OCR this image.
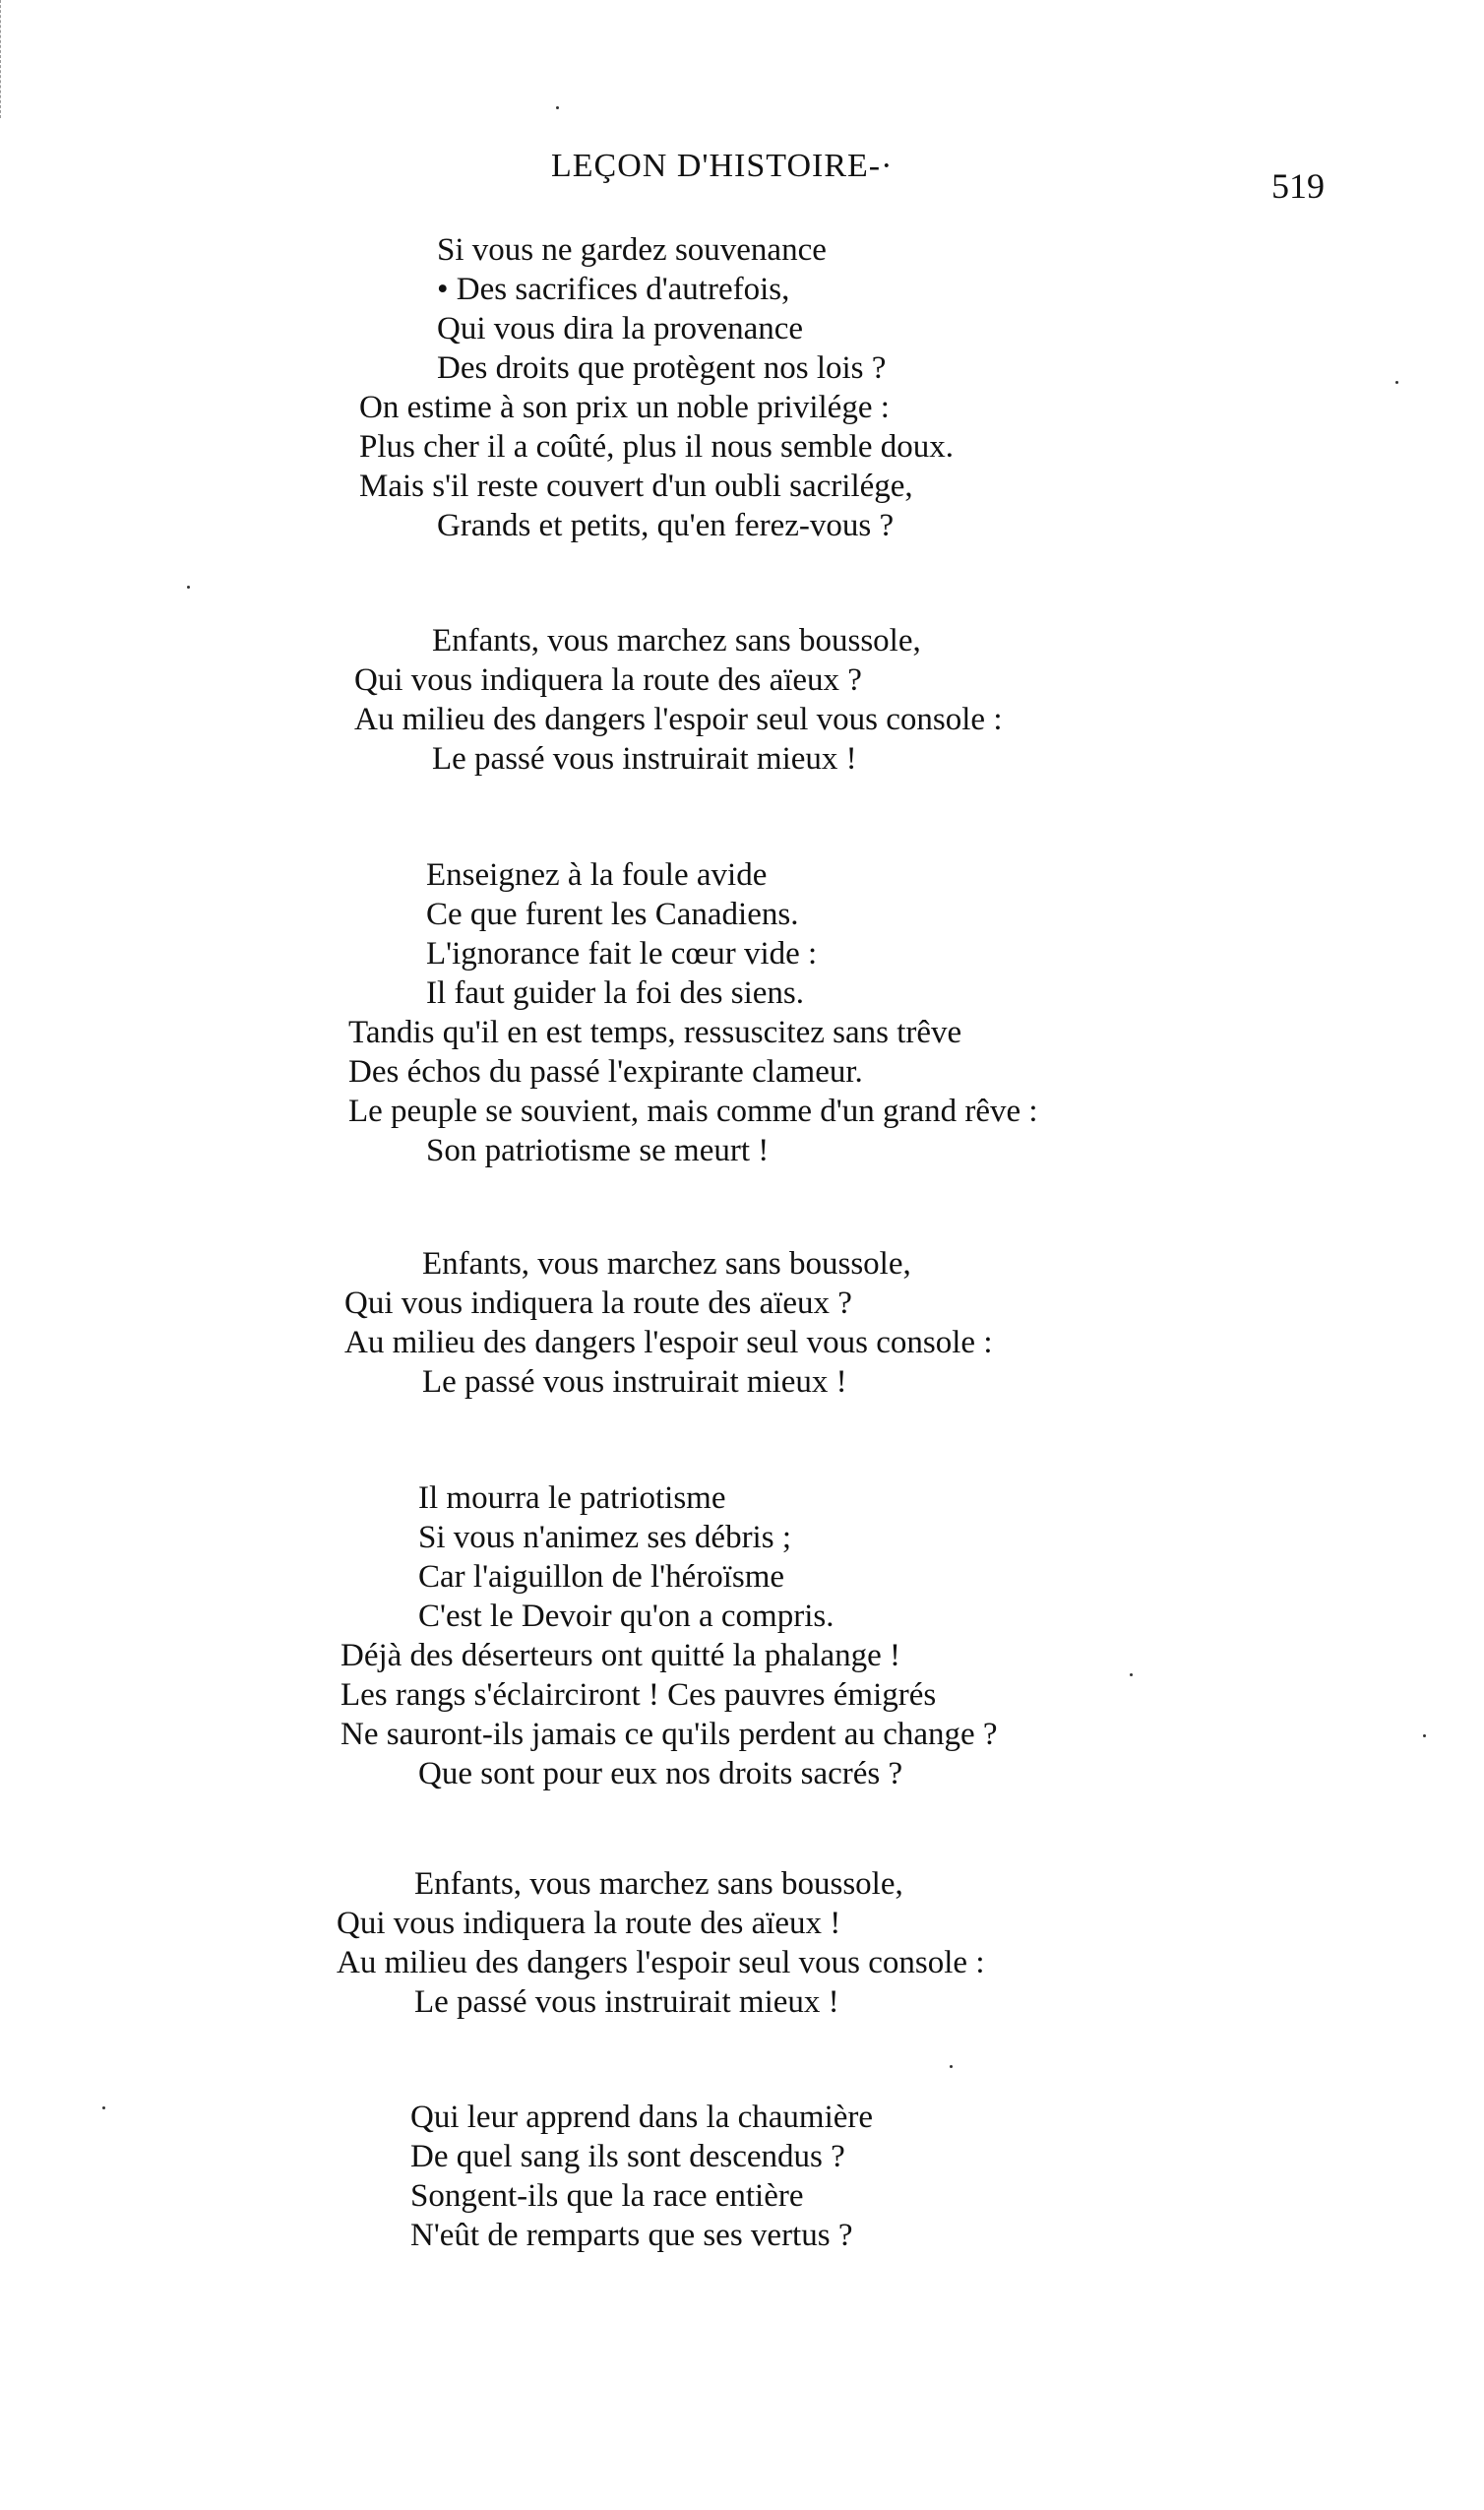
LEÇON D'HISTOIRE-·
519
Si vous ne gardez souvenance
• Des sacrifices d'autrefois,
Qui vous dira la provenance
Des droits que protègent nos lois ?
On estime à son prix un noble privilége :
Plus cher il a coûté, plus il nous semble doux.
Mais s'il reste couvert d'un oubli sacrilége,
Grands et petits, qu'en ferez-vous ?
Enfants, vous marchez sans boussole,
Qui vous indiquera la route des aïeux ?
Au milieu des dangers l'espoir seul vous console :
Le passé vous instruirait mieux !
Enseignez à la foule avide
Ce que furent les Canadiens.
L'ignorance fait le cœur vide :
Il faut guider la foi des siens.
Tandis qu'il en est temps, ressuscitez sans trêve
Des échos du passé l'expirante clameur.
Le peuple se souvient, mais comme d'un grand rêve :
Son patriotisme se meurt !
Enfants, vous marchez sans boussole,
Qui vous indiquera la route des aïeux ?
Au milieu des dangers l'espoir seul vous console :
Le passé vous instruirait mieux !
Il mourra le patriotisme
Si vous n'animez ses débris ;
Car l'aiguillon de l'héroïsme
C'est le Devoir qu'on a compris.
Déjà des déserteurs ont quitté la phalange !
Les rangs s'éclairciront ! Ces pauvres émigrés
Ne sauront-ils jamais ce qu'ils perdent au change ?
Que sont pour eux nos droits sacrés ?
Enfants, vous marchez sans boussole,
Qui vous indiquera la route des aïeux !
Au milieu des dangers l'espoir seul vous console :
Le passé vous instruirait mieux !
Qui leur apprend dans la chaumière
De quel sang ils sont descendus ?
Songent-ils que la race entière
N'eût de remparts que ses vertus ?
